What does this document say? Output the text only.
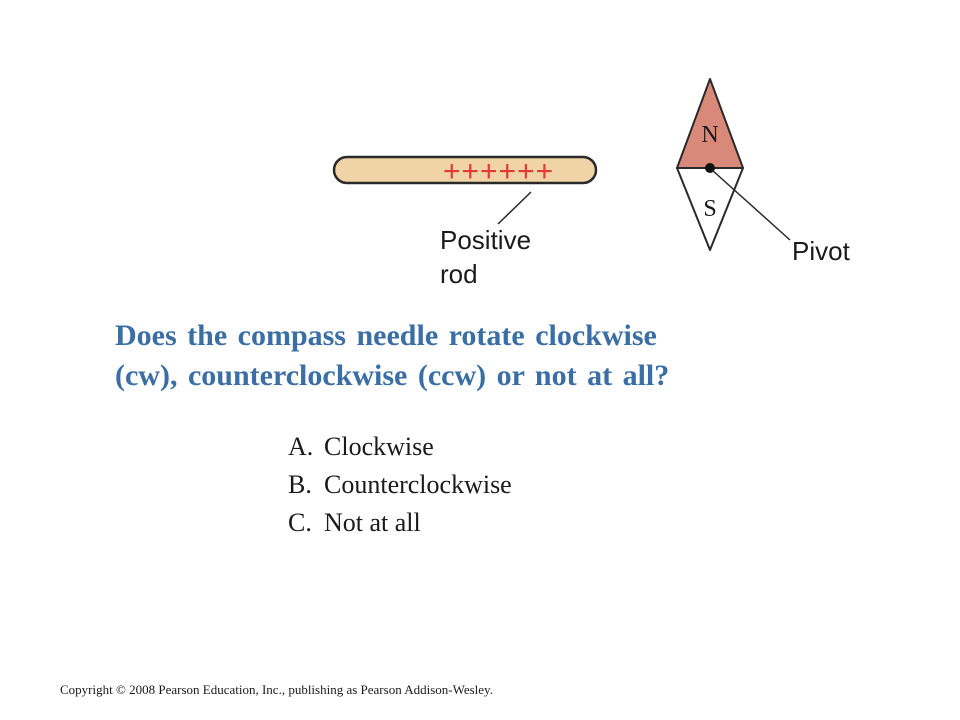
++++++
Positive
rod
N
S
Pivot

Does the compass needle rotate clockwise
(cw), counterclockwise (ccw) or not at all?

A. Clockwise
B. Counterclockwise
C. Not at all

Copyright © 2008 Pearson Education, Inc., publishing as Pearson Addison-Wesley.
